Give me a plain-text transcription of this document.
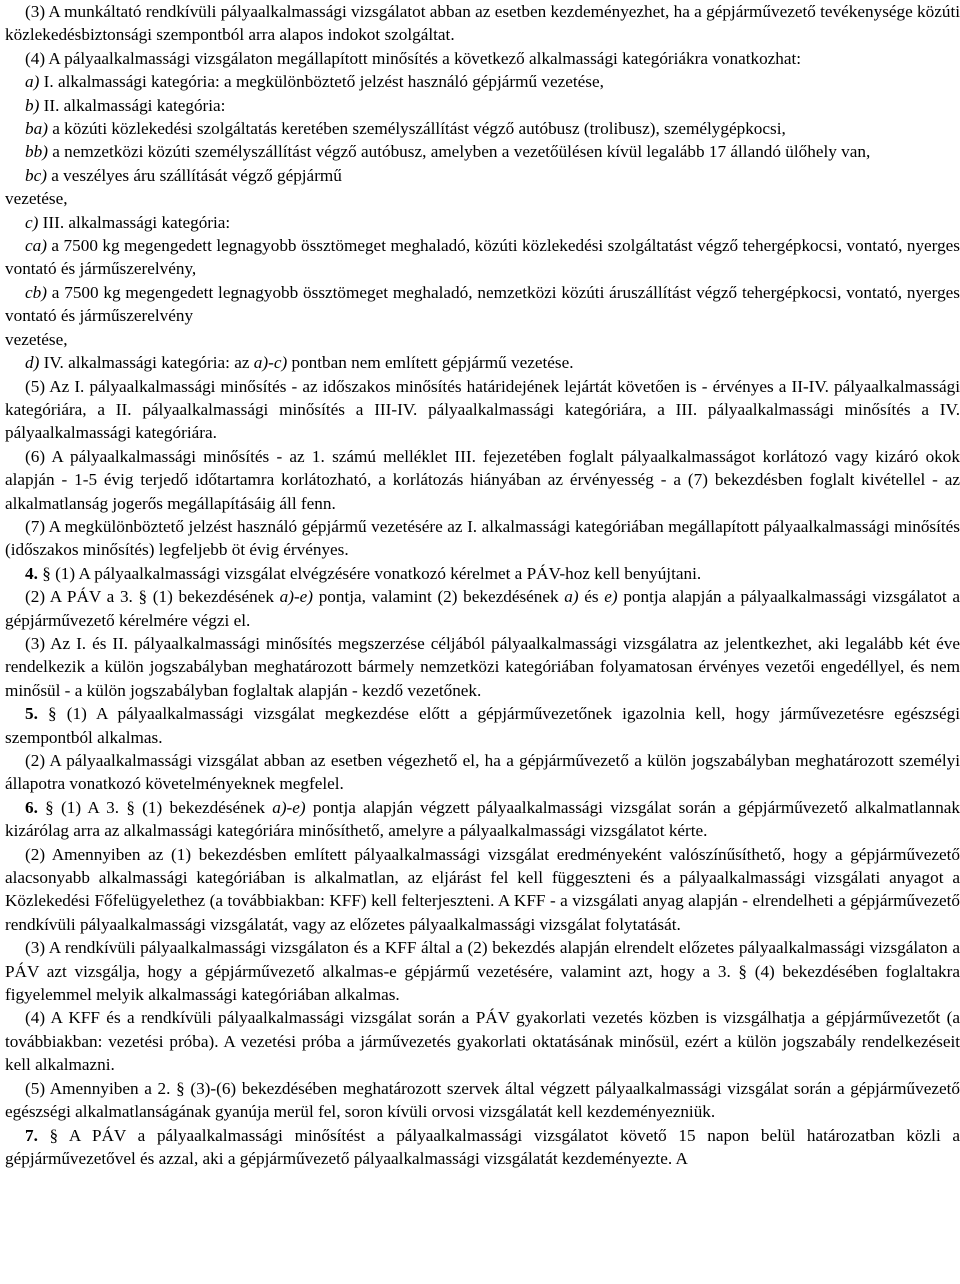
(3) A munkáltató rendkívüli pályaalkalmassági vizsgálatot abban az esetben kezdeményezhet, ha a gépjárművezető tevékenysége közúti közlekedésbiztonsági szempontból arra alapos indokot szolgáltat.

(4) A pályaalkalmassági vizsgálaton megállapított minősítés a következő alkalmassági kategóriákra vonatkozhat:

a) I. alkalmassági kategória: a megkülönböztető jelzést használó gépjármű vezetése,

b) II. alkalmassági kategória:

ba) a közúti közlekedési szolgáltatás keretében személyszállítást végző autóbusz (trolibusz), személygépkocsi,

bb) a nemzetközi közúti személyszállítást végző autóbusz, amelyben a vezetőülésen kívül legalább 17 állandó ülőhely van,

bc) a veszélyes áru szállítását végző gépjármű

vezetése,

c) III. alkalmassági kategória:

ca) a 7500 kg megengedett legnagyobb össztömeget meghaladó, közúti közlekedési szolgáltatást végző tehergépkocsi, vontató, nyerges vontató és járműszerelvény,

cb) a 7500 kg megengedett legnagyobb össztömeget meghaladó, nemzetközi közúti áruszállítást végző tehergépkocsi, vontató, nyerges vontató és járműszerelvény

vezetése,

d) IV. alkalmassági kategória: az a)-c) pontban nem említett gépjármű vezetése.

(5) Az I. pályaalkalmassági minősítés - az időszakos minősítés határidejének lejártát követően is - érvényes a II-IV. pályaalkalmassági kategóriára, a II. pályaalkalmassági minősítés a III-IV. pályaalkalmassági kategóriára, a III. pályaalkalmassági minősítés a IV. pályaalkalmassági kategóriára.

(6) A pályaalkalmassági minősítés - az 1. számú melléklet III. fejezetében foglalt pályaalkalmasságot korlátozó vagy kizáró okok alapján - 1-5 évig terjedő időtartamra korlátozható, a korlátozás hiányában az érvényesség - a (7) bekezdésben foglalt kivétellel - az alkalmatlanság jogerős megállapításáig áll fenn.

(7) A megkülönböztető jelzést használó gépjármű vezetésére az I. alkalmassági kategóriában megállapított pályaalkalmassági minősítés (időszakos minősítés) legfeljebb öt évig érvényes.

4. § (1) A pályaalkalmassági vizsgálat elvégzésére vonatkozó kérelmet a PÁV-hoz kell benyújtani.

(2) A PÁV a 3. § (1) bekezdésének a)-e) pontja, valamint (2) bekezdésének a) és e) pontja alapján a pályaalkalmassági vizsgálatot a gépjárművezető kérelmére végzi el.

(3) Az I. és II. pályaalkalmassági minősítés megszerzése céljából pályaalkalmassági vizsgálatra az jelentkezhet, aki legalább két éve rendelkezik a külön jogszabályban meghatározott bármely nemzetközi kategóriában folyamatosan érvényes vezetői engedéllyel, és nem minősül - a külön jogszabályban foglaltak alapján - kezdő vezetőnek.

5. § (1) A pályaalkalmassági vizsgálat megkezdése előtt a gépjárművezetőnek igazolnia kell, hogy járművezetésre egészségi szempontból alkalmas.

(2) A pályaalkalmassági vizsgálat abban az esetben végezhető el, ha a gépjárművezető a külön jogszabályban meghatározott személyi állapotra vonatkozó követelményeknek megfelel.

6. § (1) A 3. § (1) bekezdésének a)-e) pontja alapján végzett pályaalkalmassági vizsgálat során a gépjárművezető alkalmatlannak kizárólag arra az alkalmassági kategóriára minősíthető, amelyre a pályaalkalmassági vizsgálatot kérte.

(2) Amennyiben az (1) bekezdésben említett pályaalkalmassági vizsgálat eredményeként valószínűsíthető, hogy a gépjárművezető alacsonyabb alkalmassági kategóriában is alkalmatlan, az eljárást fel kell függeszteni és a pályaalkalmassági vizsgálati anyagot a Közlekedési Főfelügyelethez (a továbbiakban: KFF) kell felterjeszteni. A KFF - a vizsgálati anyag alapján - elrendelheti a gépjárművezető rendkívüli pályaalkalmassági vizsgálatát, vagy az előzetes pályaalkalmassági vizsgálat folytatását.

(3) A rendkívüli pályaalkalmassági vizsgálaton és a KFF által a (2) bekezdés alapján elrendelt előzetes pályaalkalmassági vizsgálaton a PÁV azt vizsgálja, hogy a gépjárművezető alkalmas-e gépjármű vezetésére, valamint azt, hogy a 3. § (4) bekezdésében foglaltakra figyelemmel melyik alkalmassági kategóriában alkalmas.

(4) A KFF és a rendkívüli pályaalkalmassági vizsgálat során a PÁV gyakorlati vezetés közben is vizsgálhatja a gépjárművezetőt (a továbbiakban: vezetési próba). A vezetési próba a járművezetés gyakorlati oktatásának minősül, ezért a külön jogszabály rendelkezéseit kell alkalmazni.

(5) Amennyiben a 2. § (3)-(6) bekezdésében meghatározott szervek által végzett pályaalkalmassági vizsgálat során a gépjárművezető egészségi alkalmatlanságának gyanúja merül fel, soron kívüli orvosi vizsgálatát kell kezdeményezniük.

7. § A PÁV a pályaalkalmassági minősítést a pályaalkalmassági vizsgálatot követő 15 napon belül határozatban közli a gépjárművezetővel és azzal, aki a gépjárművezető pályaalkalmassági vizsgálatát kezdeményezte. A
